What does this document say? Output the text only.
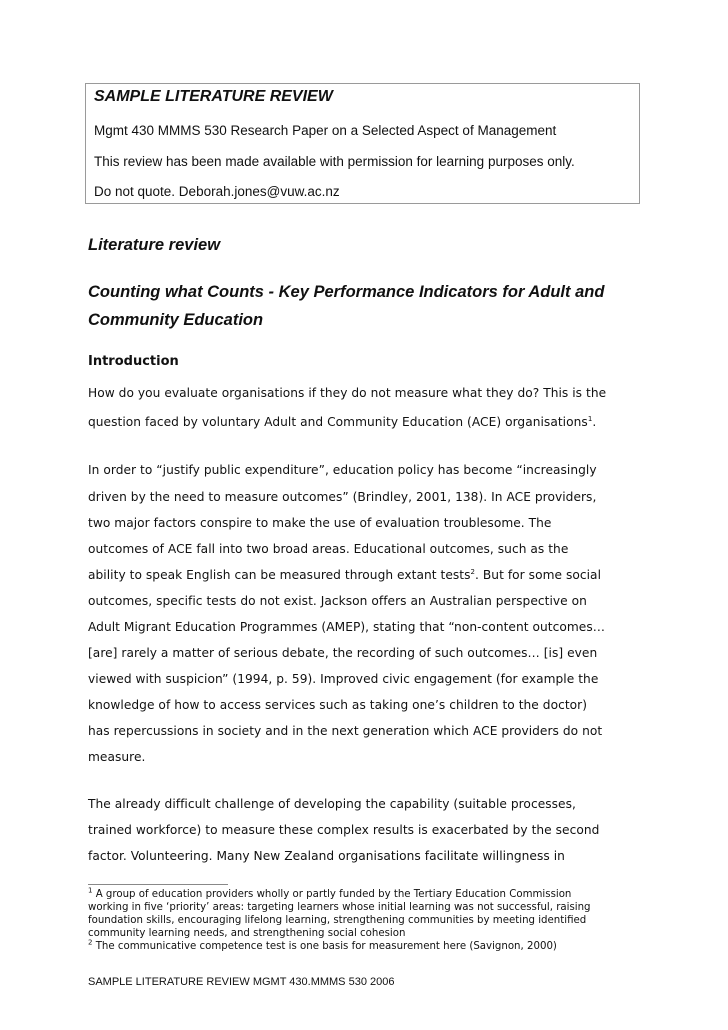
SAMPLE LITERATURE REVIEW
Mgmt 430 MMMS 530 Research Paper on a Selected Aspect of Management
This review has been made available with permission for learning purposes only.
Do not quote. Deborah.jones@vuw.ac.nz
Literature review
Counting what Counts - Key Performance Indicators for Adult and
Community Education
Introduction
How do you evaluate organisations if they do not measure what they do? This is the
question faced by voluntary Adult and Community Education (ACE) organisations$^1$.
In order to “justify public expenditure”, education policy has become “increasingly
driven by the need to measure outcomes” (Brindley, 2001, 138). In ACE providers,
two major factors conspire to make the use of evaluation troublesome. The
outcomes of ACE fall into two broad areas. Educational outcomes, such as the
ability to speak English can be measured through extant tests$^2$. But for some social
outcomes, specific tests do not exist. Jackson offers an Australian perspective on
Adult Migrant Education Programmes (AMEP), stating that “non-content outcomes…
[are] rarely a matter of serious debate, the recording of such outcomes… [is] even
viewed with suspicion” (1994, p. 59). Improved civic engagement (for example the
knowledge of how to access services such as taking one’s children to the doctor)
has repercussions in society and in the next generation which ACE providers do not
measure.
The already difficult challenge of developing the capability (suitable processes,
trained workforce) to measure these complex results is exacerbated by the second
factor. Volunteering. Many New Zealand organisations facilitate willingness in
$^1$ A group of education providers wholly or partly funded by the Tertiary Education Commission
working in five ‘priority’ areas: targeting learners whose initial learning was not successful, raising
foundation skills, encouraging lifelong learning, strengthening communities by meeting identified
community learning needs, and strengthening social cohesion
$^2$ The communicative competence test is one basis for measurement here (Savignon, 2000)
SAMPLE LITERATURE REVIEW MGMT 430.MMMS 530 2006
